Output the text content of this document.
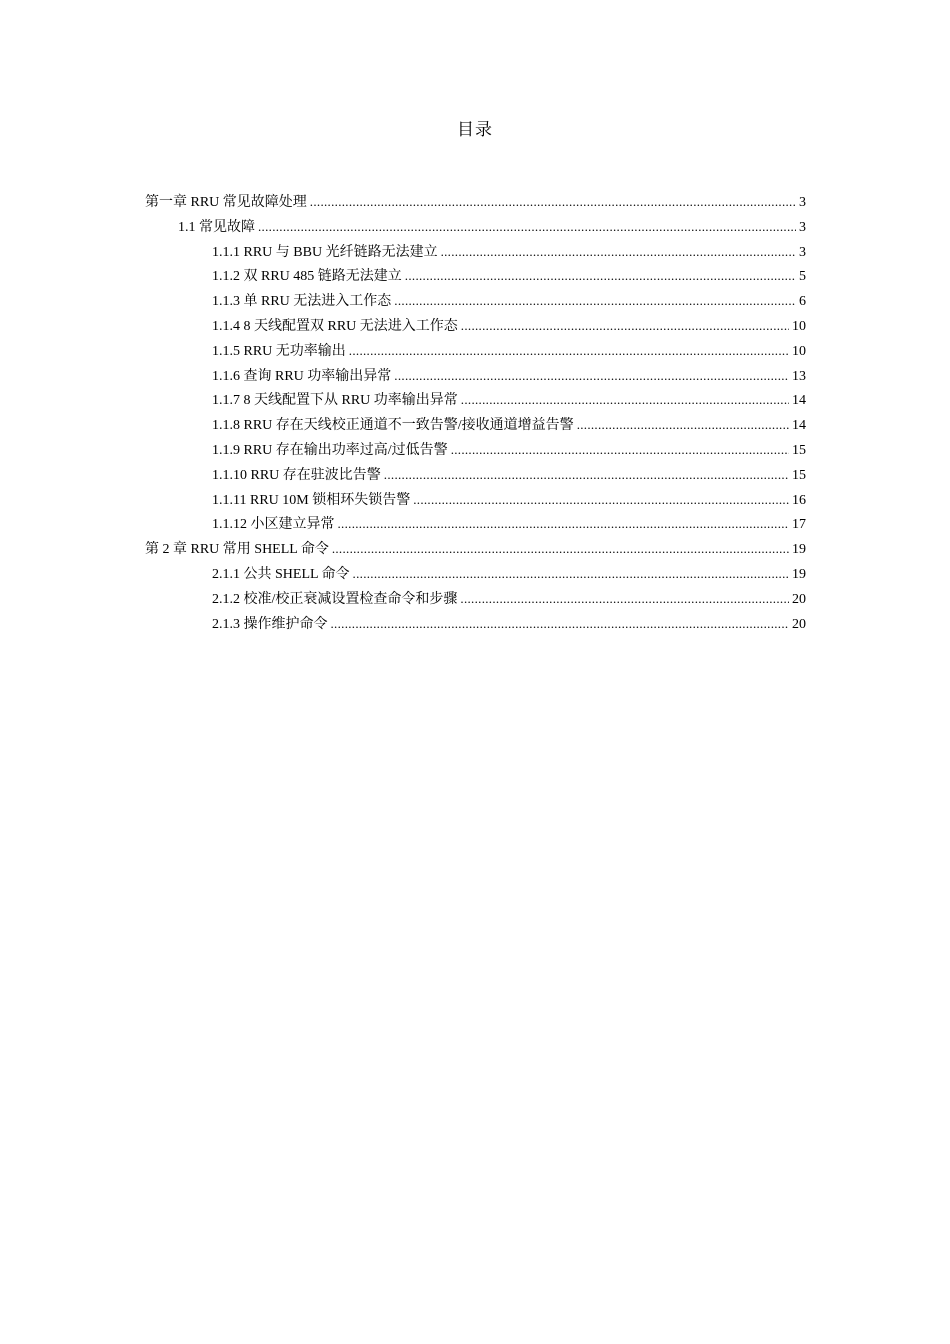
目录
第一章 RRU 常见故障处理 .....	3
1.1 常见故障 .....	3
1.1.1 RRU 与 BBU 光纤链路无法建立 .....	3
1.1.2 双 RRU 485 链路无法建立 .....	5
1.1.3 单 RRU 无法进入工作态 .....	6
1.1.4 8 天线配置双 RRU 无法进入工作态 .....	10
1.1.5 RRU 无功率输出 .....	10
1.1.6 查询 RRU 功率输出异常 .....	13
1.1.7 8 天线配置下从 RRU 功率输出异常 .....	14
1.1.8 RRU 存在天线校正通道不一致告警/接收通道增益告警 .....	14
1.1.9 RRU 存在输出功率过高/过低告警 .....	15
1.1.10 RRU 存在驻波比告警 .....	15
1.1.11 RRU 10M 锁相环失锁告警 .....	16
1.1.12 小区建立异常 .....	17
第 2 章 RRU 常用 SHELL 命令 .....	19
2.1.1 公共 SHELL 命令 .....	19
2.1.2 校准/校正衰减设置检查命令和步骤 .....	20
2.1.3 操作维护命令 .....	20
